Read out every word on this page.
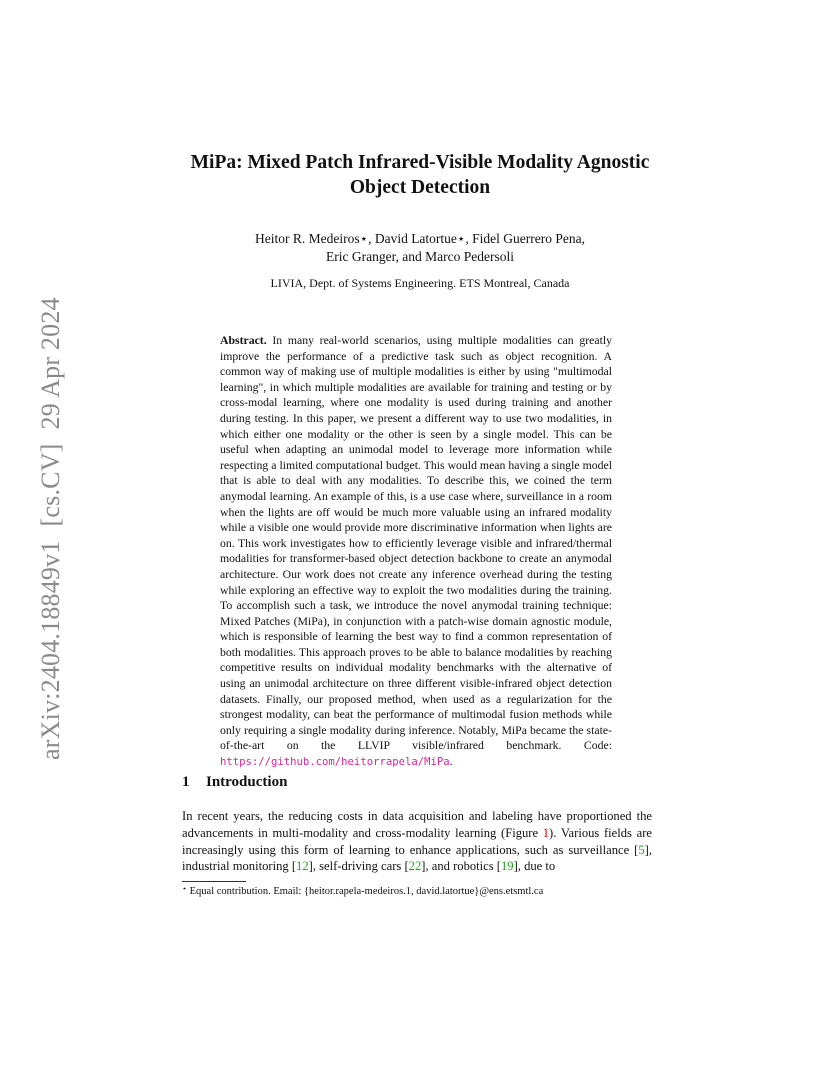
arXiv:2404.18849v1[cs.CV]29 Apr 2024
MiPa: Mixed Patch Infrared-Visible Modality Agnostic
Object Detection
Heitor R. Medeiros⋆, David Latortue⋆, Fidel Guerrero Pena,
Eric Granger, and Marco Pedersoli
LIVIA, Dept. of Systems Engineering. ETS Montreal, Canada
Abstract. In many real-world scenarios, using multiple modalities can greatly improve the performance of a predictive task such as object recognition. A common way of making use of multiple modalities is either by using "multimodal learning", in which multiple modalities are available for training and testing or by cross-modal learning, where one modality is used during training and another during testing. In this paper, we present a different way to use two modalities, in which either one modality or the other is seen by a single model. This can be useful when adapting an unimodal model to leverage more information while respecting a limited computational budget. This would mean having a single model that is able to deal with any modalities. To describe this, we coined the term anymodal learning. An example of this, is a use case where, surveillance in a room when the lights are off would be much more valuable using an infrared modality while a visible one would provide more discriminative information when lights are on. This work investigates how to efficiently leverage visible and infrared/thermal modalities for transformer-based object detection backbone to create an anymodal architecture. Our work does not create any inference overhead during the testing while exploring an effective way to exploit the two modalities during the training. To accomplish such a task, we introduce the novel anymodal training technique: Mixed Patches (MiPa), in conjunction with a patch-wise domain agnostic module, which is responsible of learning the best way to find a common representation of both modalities. This approach proves to be able to balance modalities by reaching competitive results on individual modality benchmarks with the alternative of using an unimodal architecture on three different visible-infrared object detection datasets. Finally, our proposed method, when used as a regularization for the strongest modality, can beat the performance of multimodal fusion methods while only requiring a single modality during inference. Notably, MiPa became the state-of-the-art on the LLVIP visible/infrared benchmark. Code: https://github.com/heitorrapela/MiPa.
1 Introduction
In recent years, the reducing costs in data acquisition and labeling have proportioned the advancements in multi-modality and cross-modality learning (Figure 1). Various fields are increasingly using this form of learning to enhance applications, such as surveillance [5], industrial monitoring [12], self-driving cars [22], and robotics [19], due to
⋆ Equal contribution. Email: {heitor.rapela-medeiros.1, david.latortue}@ens.etsmtl.ca
